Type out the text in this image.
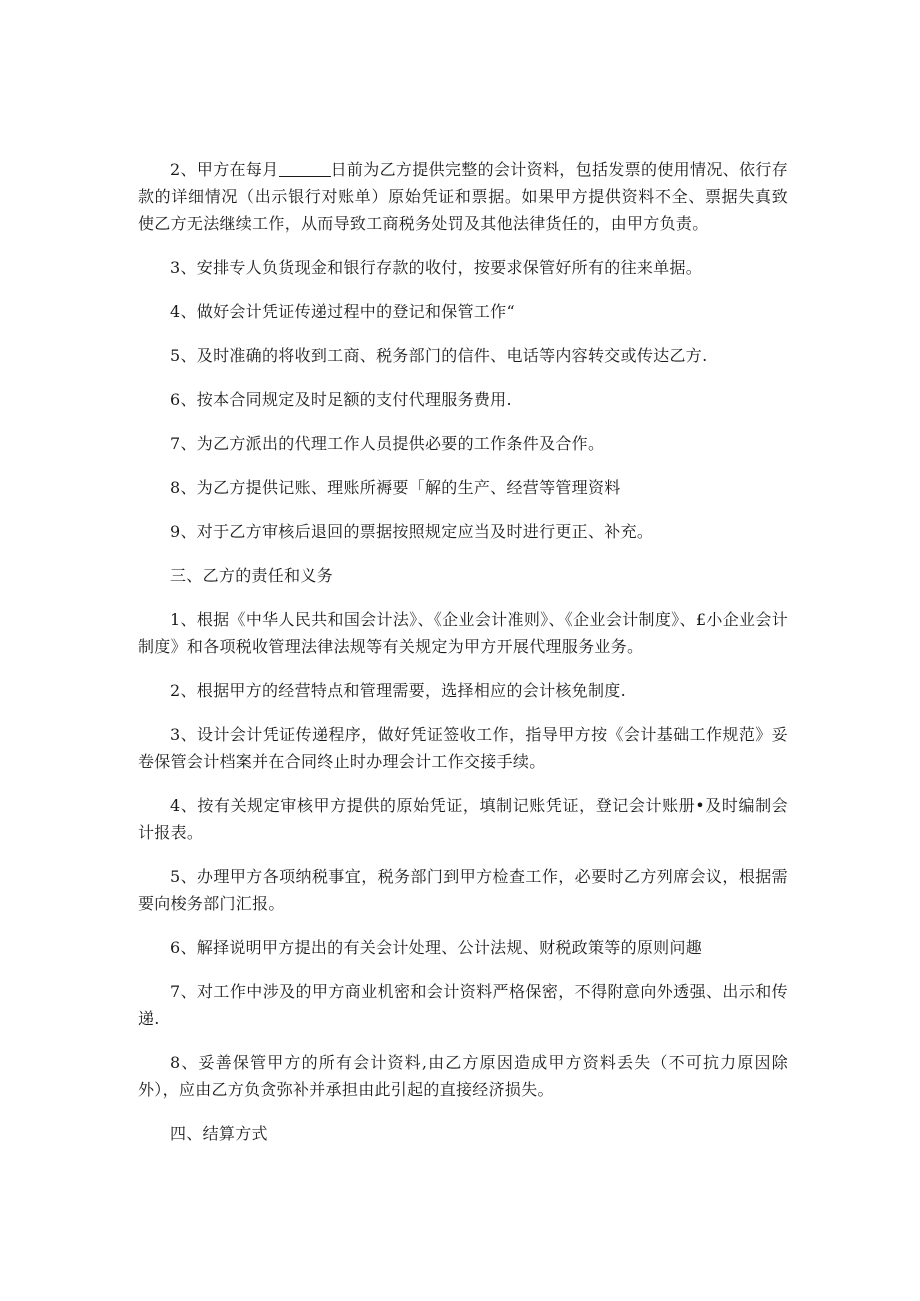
2、甲方在每月	日前为乙方提供完整的会计资料，包括发票的使用情况、依行存款的详细情况（出示银行对账单）原始凭证和票据。如果甲方提供资料不全、票据失真致使乙方无法继续工作，从而导致工商税务处罚及其他法律货任的，由甲方负责。

3、安排专人负货现金和银行存款的收付，按要求保管好所有的往来单据。

4、做好会计凭证传递过程中的登记和保管工作“

5、及时准确的将收到工商、税务部门的信件、电话等内容转交或传达乙方.

6、按本合同规定及时足额的支付代理服务费用.

7、为乙方派出的代理工作人员提供必要的工作条件及合作。

8、为乙方提供记账、理账所褥要「解的生产、经营等管理资料

9、对于乙方审核后退回的票据按照规定应当及时进行更正、补充。

三、乙方的责任和义务

1、根据《中华人民共和国会计法》、《企业会计准则》、《企业会计制度》、£小企业会计制度》和各项税收管理法律法规等有关规定为甲方开展代理服务业务。

2、根据甲方的经营特点和管理需要，选择相应的会计核免制度.

3、设计会计凭证传递程序，做好凭证签收工作，指导甲方按《会计基础工作规范》妥卷保管会计档案并在合同终止时办理会计工作交接手续。

4、按有关规定审核甲方提供的原始凭证，填制记账凭证，登记会计账册•及时编制会计报表。

5、办理甲方各项纳税事宜，税务部门到甲方检查工作，必要时乙方列席会议，根据需要向梭务部门汇报。

6、解择说明甲方提出的有关会计处理、公计法规、财税政策等的原则问趣

7、对工作中涉及的甲方商业机密和会计资料严格保密，不得附意向外透强、出示和传递.

8、妥善保管甲方的所有会计资料,由乙方原因造成甲方资料丢失（不可抗力原因除外），应由乙方负贪弥补并承担由此引起的直接经济损失。

四、结算方式
